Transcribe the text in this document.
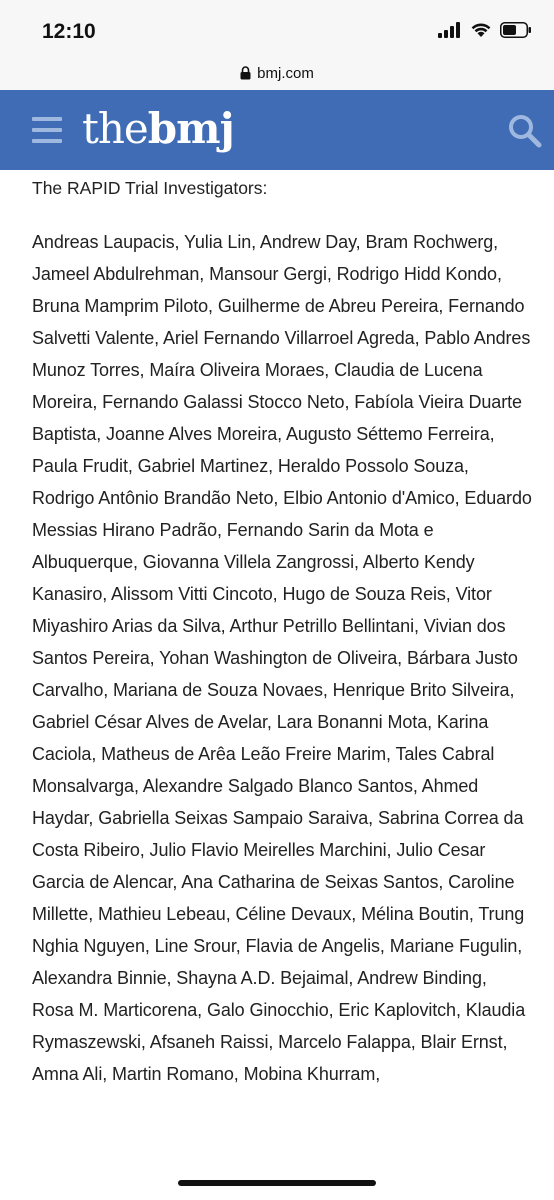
12:10
bmj.com
thebmj

The RAPID Trial Investigators:

Andreas Laupacis, Yulia Lin, Andrew Day, Bram Rochwerg, Jameel Abdulrehman, Mansour Gergi, Rodrigo Hidd Kondo, Bruna Mamprim Piloto, Guilherme de Abreu Pereira, Fernando Salvetti Valente, Ariel Fernando Villarroel Agreda, Pablo Andres Munoz Torres, Maíra Oliveira Moraes, Claudia de Lucena Moreira, Fernando Galassi Stocco Neto, Fabíola Vieira Duarte Baptista, Joanne Alves Moreira, Augusto Séttemo Ferreira, Paula Frudit, Gabriel Martinez, Heraldo Possolo Souza, Rodrigo Antônio Brandão Neto, Elbio Antonio d'Amico, Eduardo Messias Hirano Padrão, Fernando Sarin da Mota e Albuquerque, Giovanna Villela Zangrossi, Alberto Kendy Kanasiro, Alissom Vitti Cincoto, Hugo de Souza Reis, Vitor Miyashiro Arias da Silva, Arthur Petrillo Bellintani, Vivian dos Santos Pereira, Yohan Washington de Oliveira, Bárbara Justo Carvalho, Mariana de Souza Novaes, Henrique Brito Silveira, Gabriel César Alves de Avelar, Lara Bonanni Mota, Karina Caciola, Matheus de Arêa Leão Freire Marim, Tales Cabral Monsalvarga, Alexandre Salgado Blanco Santos, Ahmed Haydar, Gabriella Seixas Sampaio Saraiva, Sabrina Correa da Costa Ribeiro, Julio Flavio Meirelles Marchini, Julio Cesar Garcia de Alencar, Ana Catharina de Seixas Santos, Caroline Millette, Mathieu Lebeau, Céline Devaux, Mélina Boutin, Trung Nghia Nguyen, Line Srour, Flavia de Angelis, Mariane Fugulin, Alexandra Binnie, Shayna A.D. Bejaimal, Andrew Binding, Rosa M. Marticorena, Galo Ginocchio, Eric Kaplovitch, Klaudia Rymaszewski, Afsaneh Raissi, Marcelo Falappa, Blair Ernst, Amna Ali, Martin Romano, Mobina Khurram,
